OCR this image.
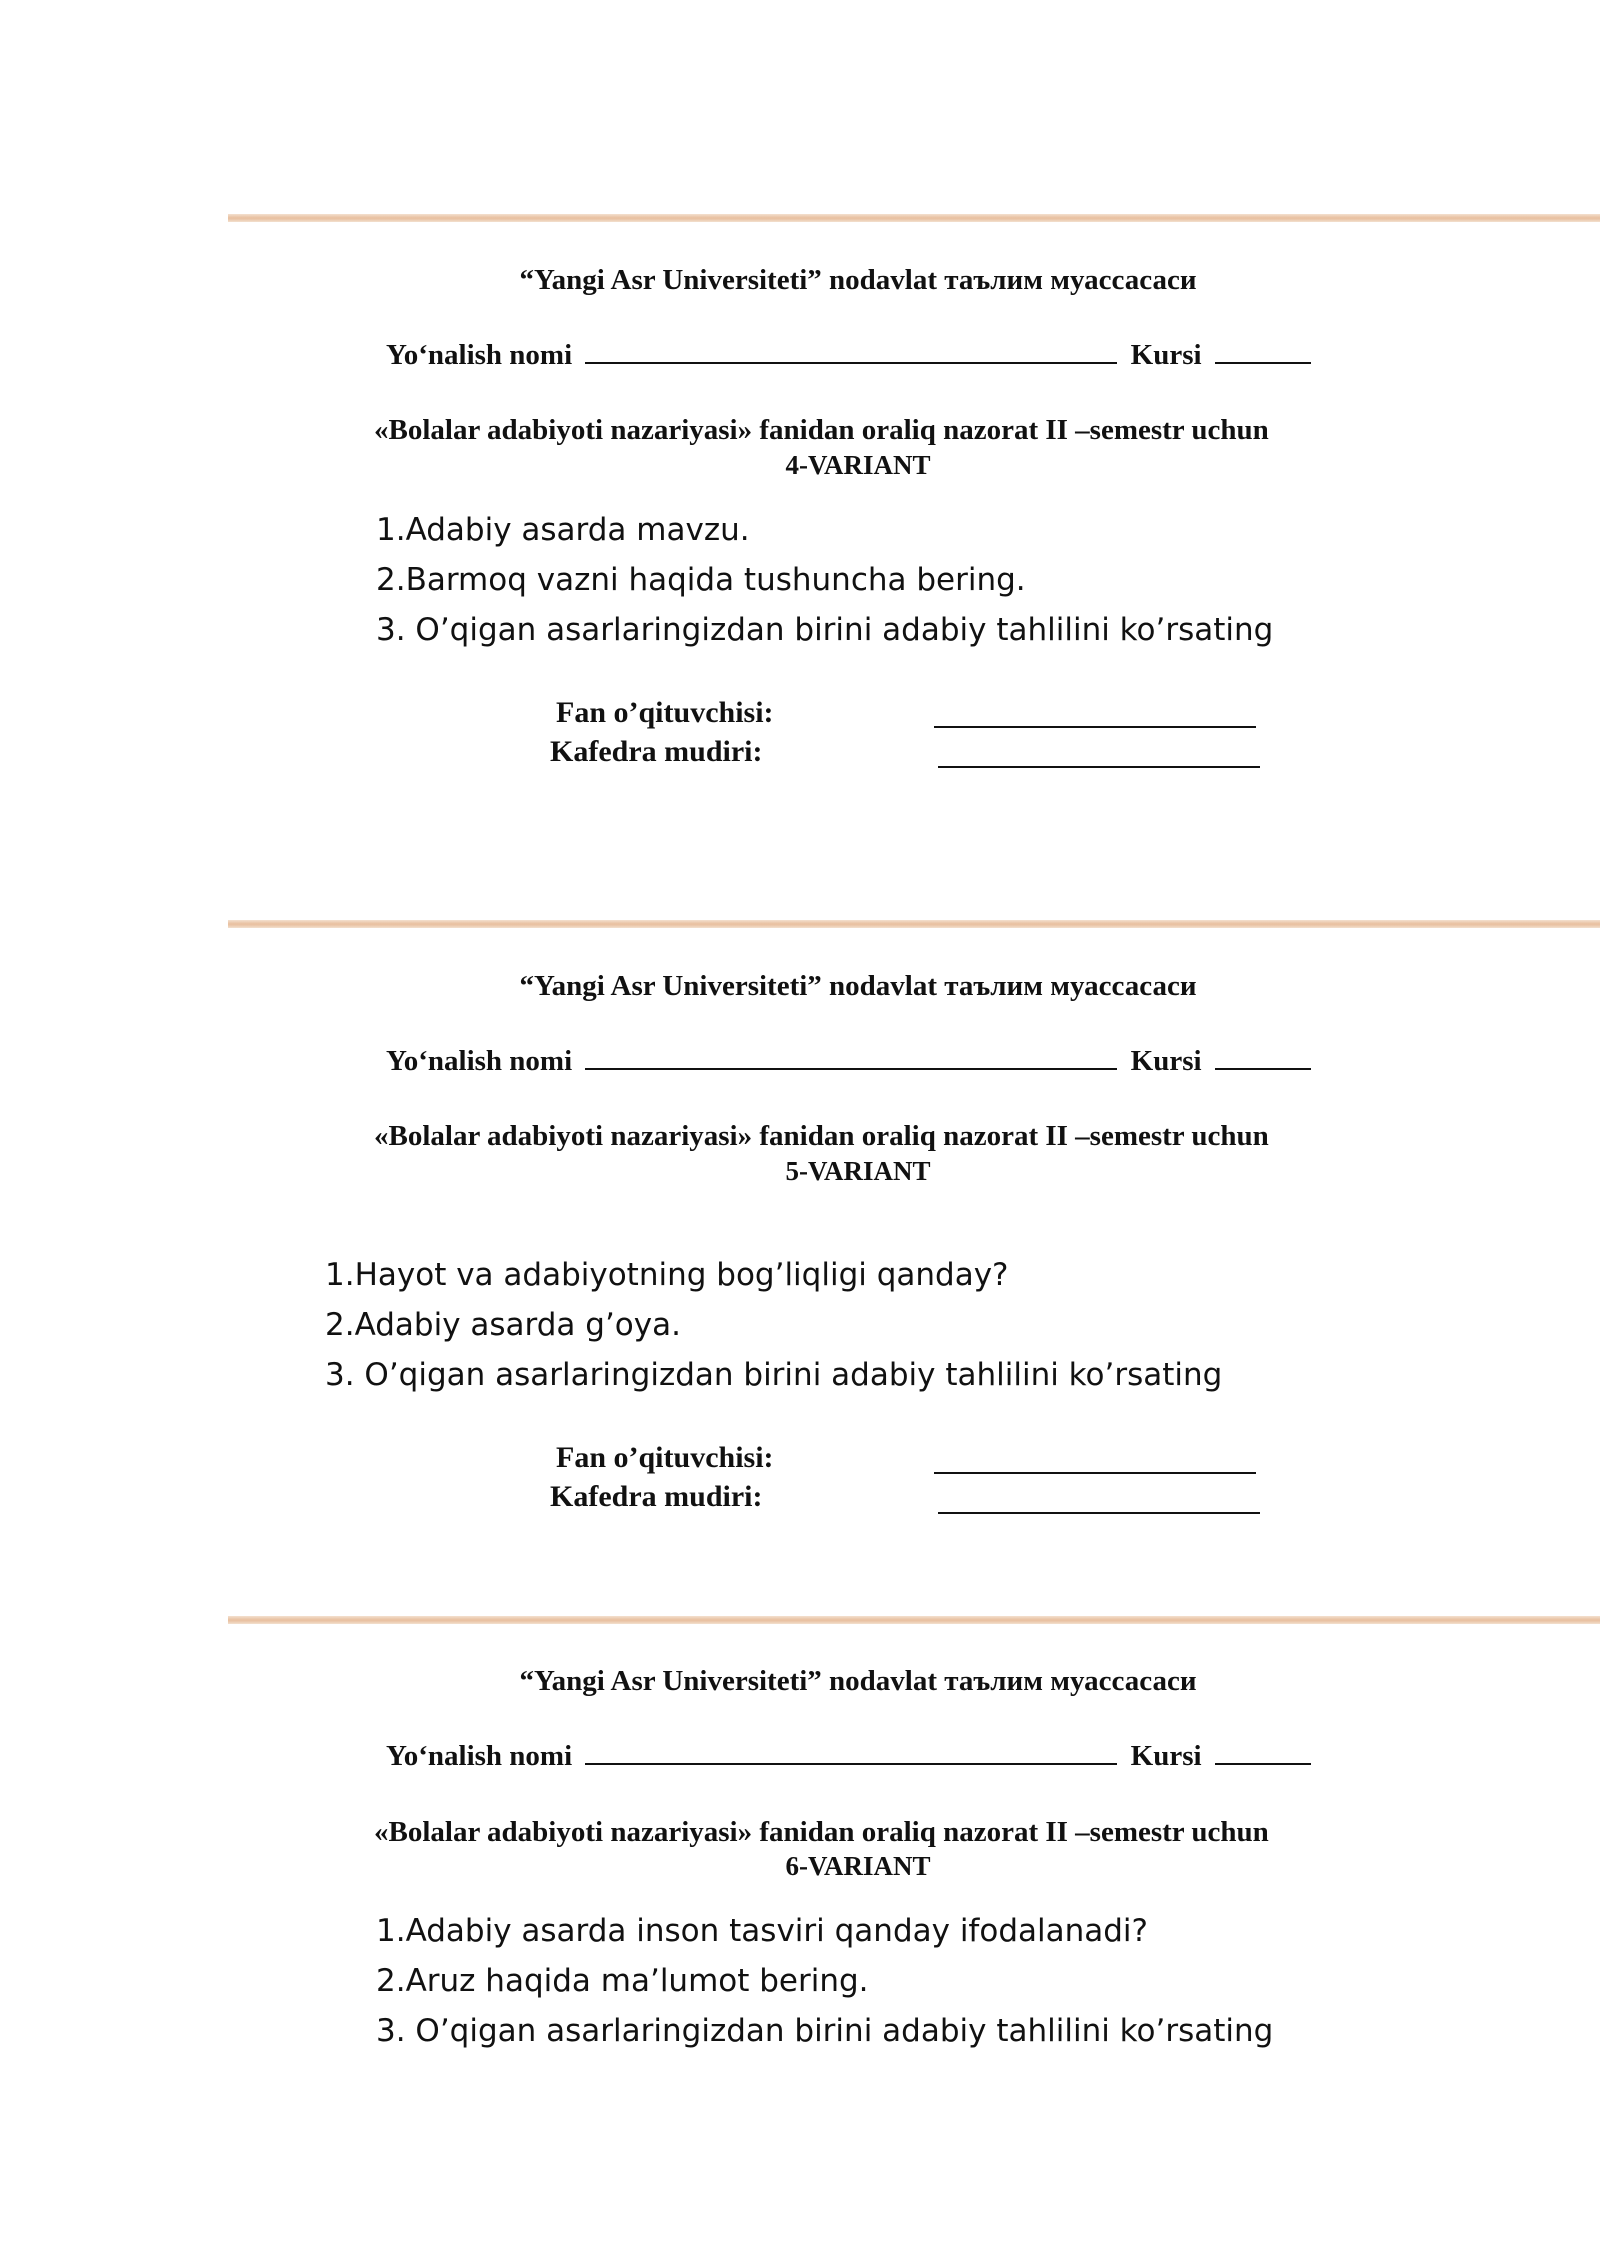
“Yangi Asr Universiteti” nodavlat таълим муассасаси
Yo‘nalish nomi	Kursi
«Bolalar adabiyoti nazariyasi» fanidan oraliq nazorat II –semestr uchun
4-VARIANT
1.Adabiy asarda mavzu.
2.Barmoq vazni haqida tushuncha bering.
3. O’qigan asarlaringizdan birini adabiy tahlilini ko’rsating
Fan o’qituvchisi:
Kafedra mudiri:
“Yangi Asr Universiteti” nodavlat таълим муассасаси
Yo‘nalish nomi	Kursi
«Bolalar adabiyoti nazariyasi» fanidan oraliq nazorat II –semestr uchun
5-VARIANT
1.Hayot va adabiyotning bog’liqligi qanday?
2.Adabiy asarda g’oya.
3. O’qigan asarlaringizdan birini adabiy tahlilini ko’rsating
Fan o’qituvchisi:
Kafedra mudiri:
“Yangi Asr Universiteti” nodavlat таълим муассасаси
Yo‘nalish nomi	Kursi
«Bolalar adabiyoti nazariyasi» fanidan oraliq nazorat II –semestr uchun
6-VARIANT
1.Adabiy asarda inson tasviri qanday ifodalanadi?
2.Aruz haqida ma’lumot bering.
3. O’qigan asarlaringizdan birini adabiy tahlilini ko’rsating
